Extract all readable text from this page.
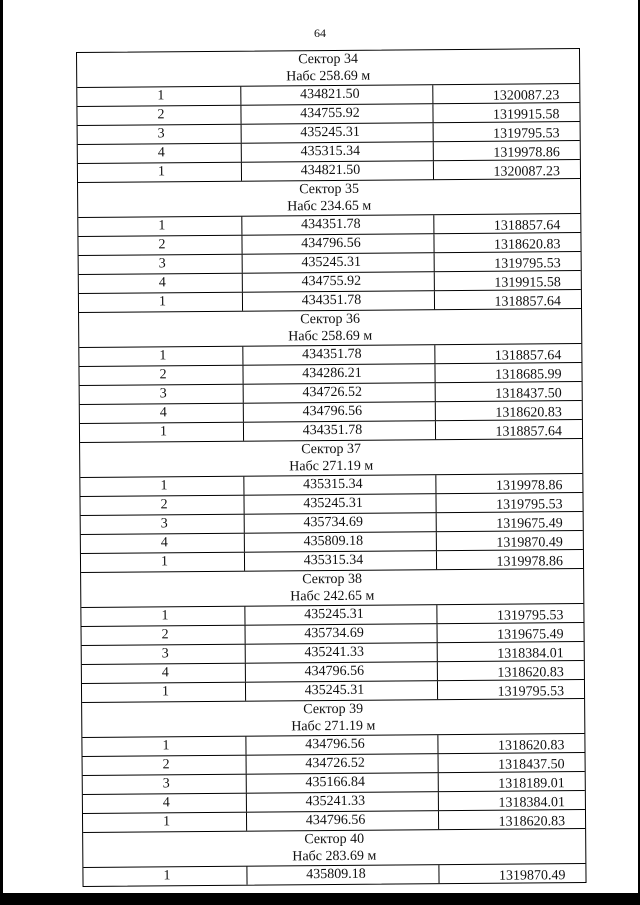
64
Сектор 34
Набс 258.69 м
1	434821.50	1320087.23
2	434755.92	1319915.58
3	435245.31	1319795.53
4	435315.34	1319978.86
1	434821.50	1320087.23
Сектор 35
Набс 234.65 м
1	434351.78	1318857.64
2	434796.56	1318620.83
3	435245.31	1319795.53
4	434755.92	1319915.58
1	434351.78	1318857.64
Сектор 36
Набс 258.69 м
1	434351.78	1318857.64
2	434286.21	1318685.99
3	434726.52	1318437.50
4	434796.56	1318620.83
1	434351.78	1318857.64
Сектор 37
Набс 271.19 м
1	435315.34	1319978.86
2	435245.31	1319795.53
3	435734.69	1319675.49
4	435809.18	1319870.49
1	435315.34	1319978.86
Сектор 38
Набс 242.65 м
1	435245.31	1319795.53
2	435734.69	1319675.49
3	435241.33	1318384.01
4	434796.56	1318620.83
1	435245.31	1319795.53
Сектор 39
Набс 271.19 м
1	434796.56	1318620.83
2	434726.52	1318437.50
3	435166.84	1318189.01
4	435241.33	1318384.01
1	434796.56	1318620.83
Сектор 40
Набс 283.69 м
1	435809.18	1319870.49
